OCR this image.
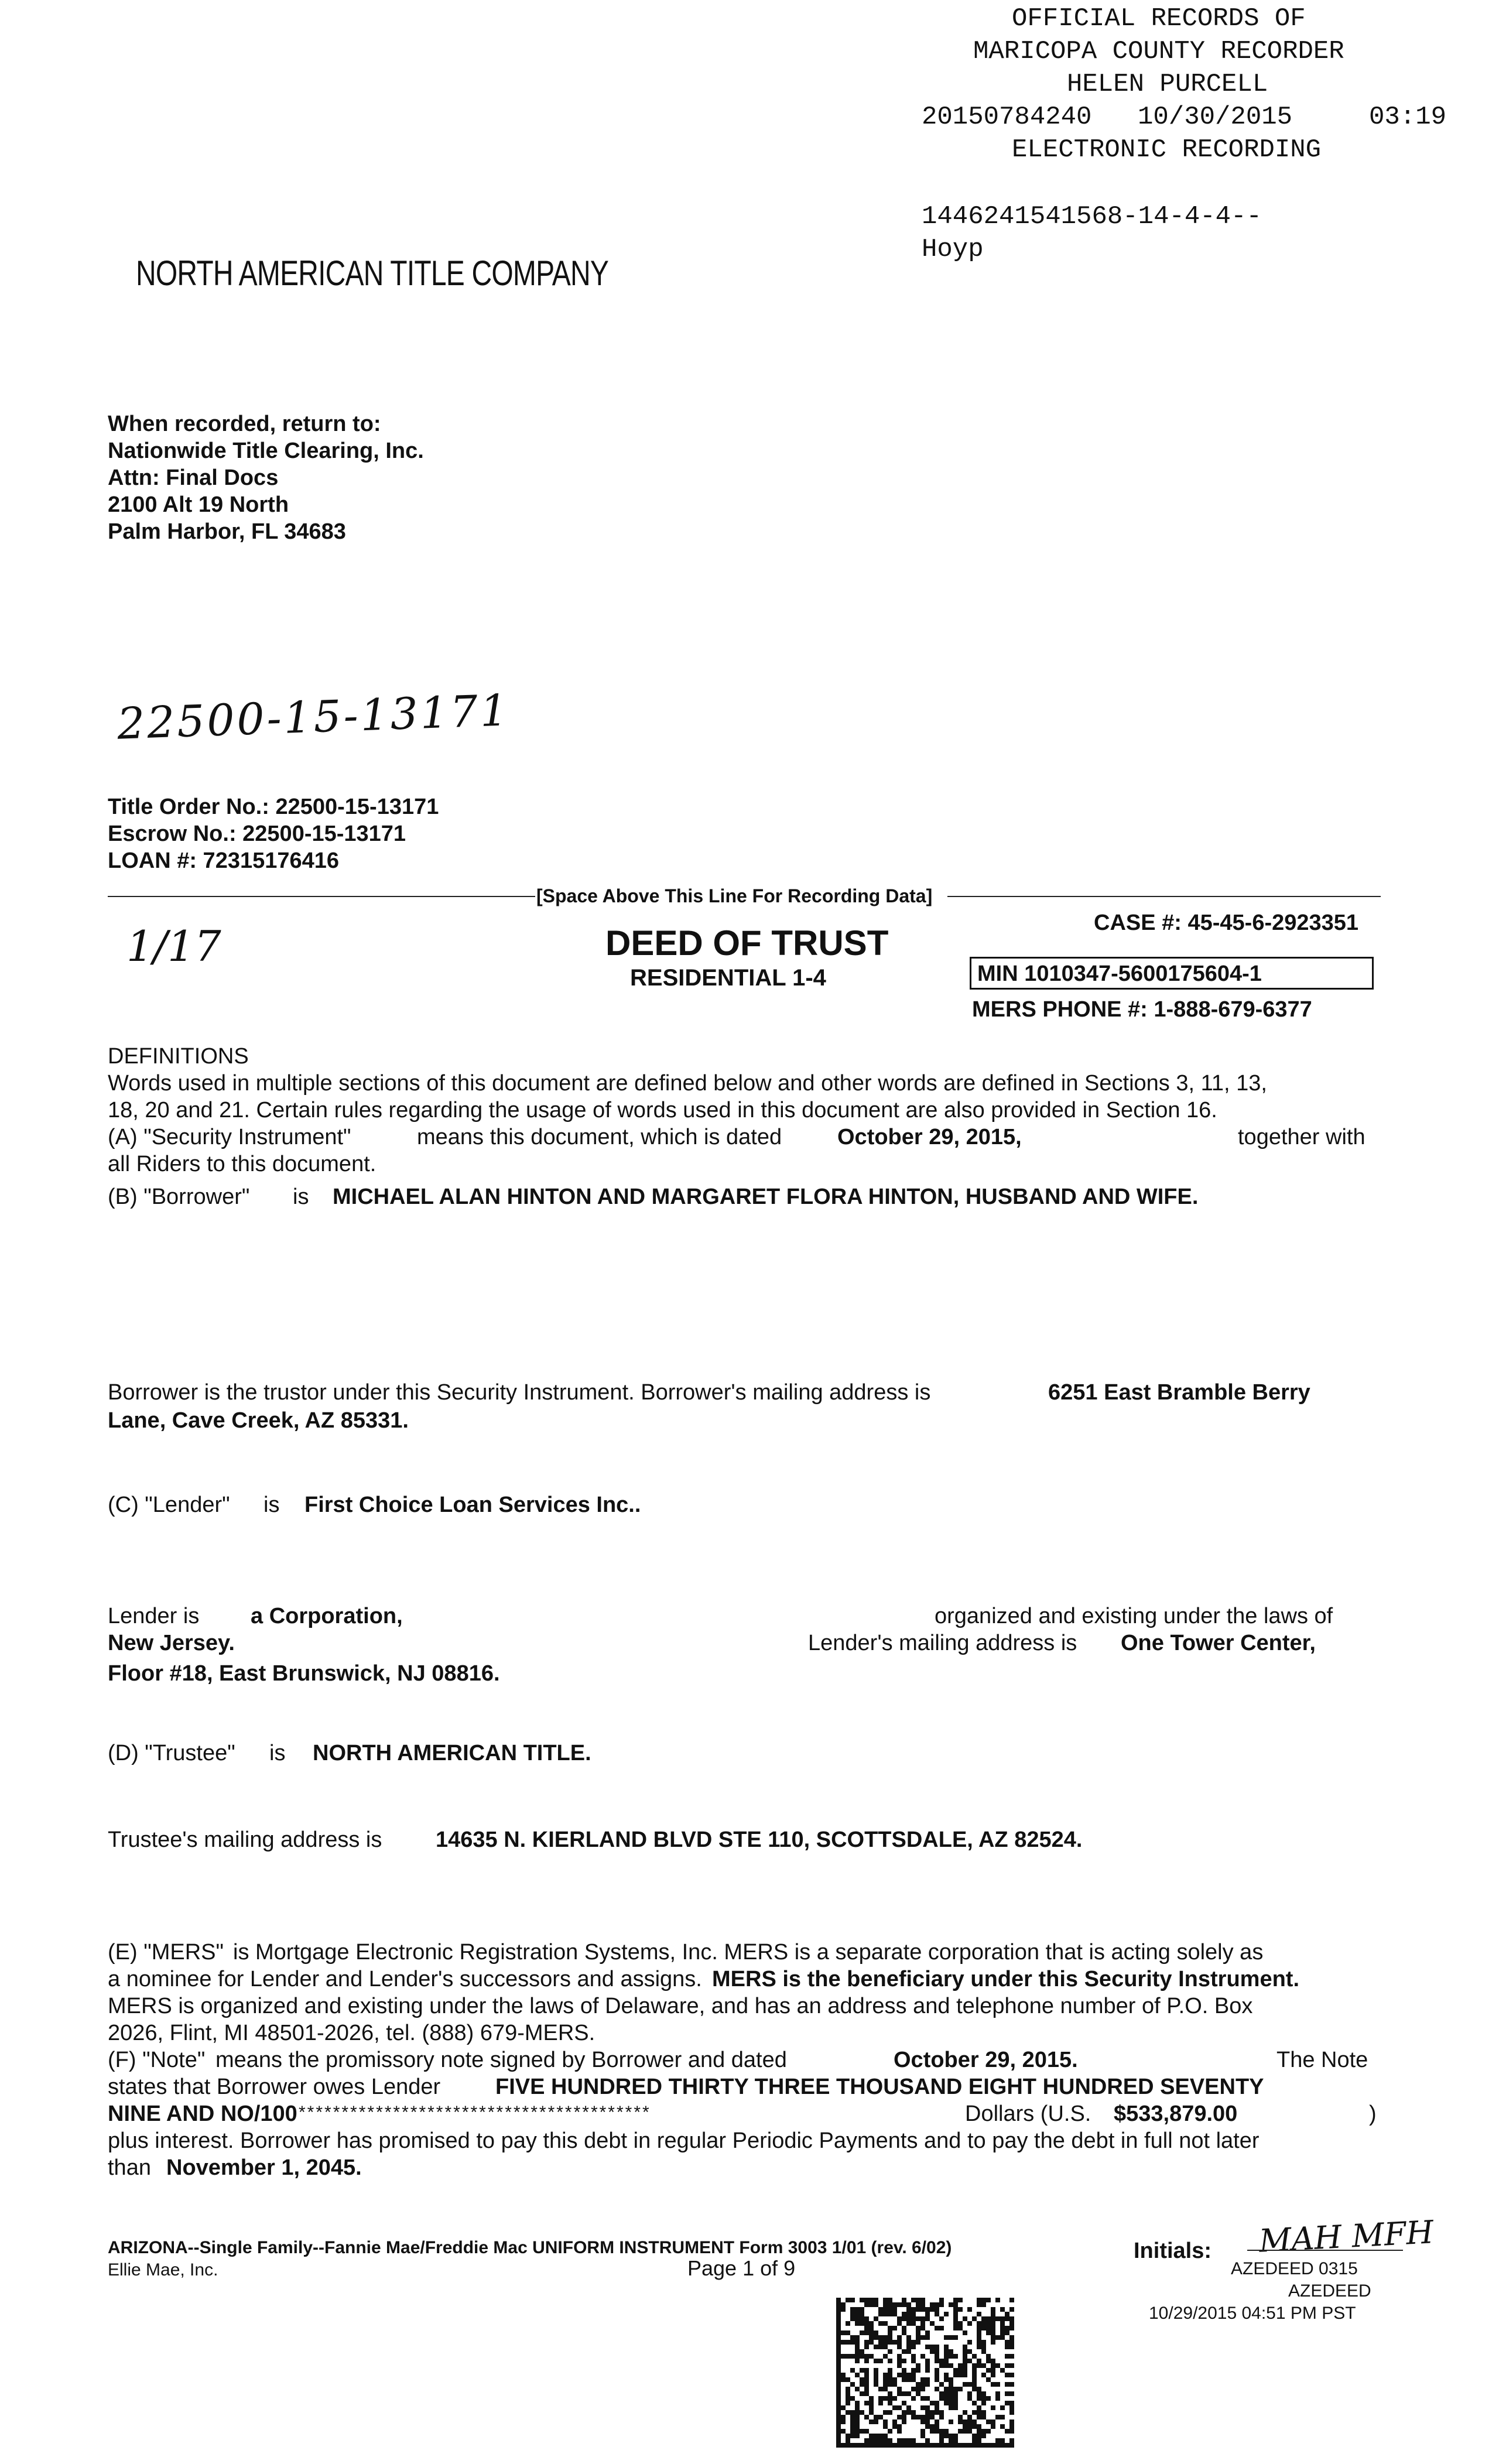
OFFICIAL RECORDS OF
MARICOPA COUNTY RECORDER
HELEN PURCELL
20150784240 10/30/2015	03:19
ELECTRONIC RECORDING
1446241541568-14-4-4--
Hoyp
NORTH AMERICAN TITLE COMPANY
When recorded, return to:
Nationwide Title Clearing, Inc.
Attn: Final Docs
2100 Alt 19 North
Palm Harbor, FL 34683
22500-15-13171
Title Order No.: 22500-15-13171
Escrow No.: 22500-15-13171
LOAN #: 72315176416
[Space Above This Line For Recording Data]
1/17	CASE #: 45-45-6-2923351
DEED OF TRUST
RESIDENTIAL 1-4	MIN 1010347-5600175604-1
MERS PHONE #: 1-888-679-6377
DEFINITIONS
Words used in multiple sections of this document are defined below and other words are defined in Sections 3, 11, 13,
18, 20 and 21. Certain rules regarding the usage of words used in this document are also provided in Section 16.
(A) "Security Instrument"	means this document, which is dated October 29, 2015,	together with
all Riders to this document.
(B) "Borrower" is MICHAEL ALAN HINTON AND MARGARET FLORA HINTON, HUSBAND AND WIFE.
Borrower is the trustor under this Security Instrument. Borrower's mailing address is	6251 East Bramble Berry
Lane, Cave Creek, AZ 85331.
(C) "Lender" is First Choice Loan Services Inc..
Lender is a Corporation,	organized and existing under the laws of
New Jersey.	Lender's mailing address is One Tower Center,
Floor #18, East Brunswick, NJ 08816.
(D) "Trustee" is NORTH AMERICAN TITLE.
Trustee's mailing address is 14635 N. KIERLAND BLVD STE 110, SCOTTSDALE, AZ 82524.
(E) "MERS" is Mortgage Electronic Registration Systems, Inc. MERS is a separate corporation that is acting solely as
a nominee for Lender and Lender's successors and assigns. MERS is the beneficiary under this Security Instrument.
MERS is organized and existing under the laws of Delaware, and has an address and telephone number of P.O. Box
2026, Flint, MI 48501-2026, tel. (888) 679-MERS.
(F) "Note" means the promissory note signed by Borrower and dated	October 29, 2015.	The Note
states that Borrower owes Lender FIVE HUNDRED THIRTY THREE THOUSAND EIGHT HUNDRED SEVENTY
NINE AND NO/100 *****************************************	Dollars (U.S. $533,879.00	)
plus interest. Borrower has promised to pay this debt in regular Periodic Payments and to pay the debt in full not later
than November 1, 2045.
ARIZONA--Single Family--Fannie Mae/Freddie Mac UNIFORM INSTRUMENT Form 3003 1/01 (rev. 6/02)
Ellie Mae, Inc.	Page 1 of 9
Initials: MAH MFH
AZEDEED 0315
AZEDEED
10/29/2015 04:51 PM PST
